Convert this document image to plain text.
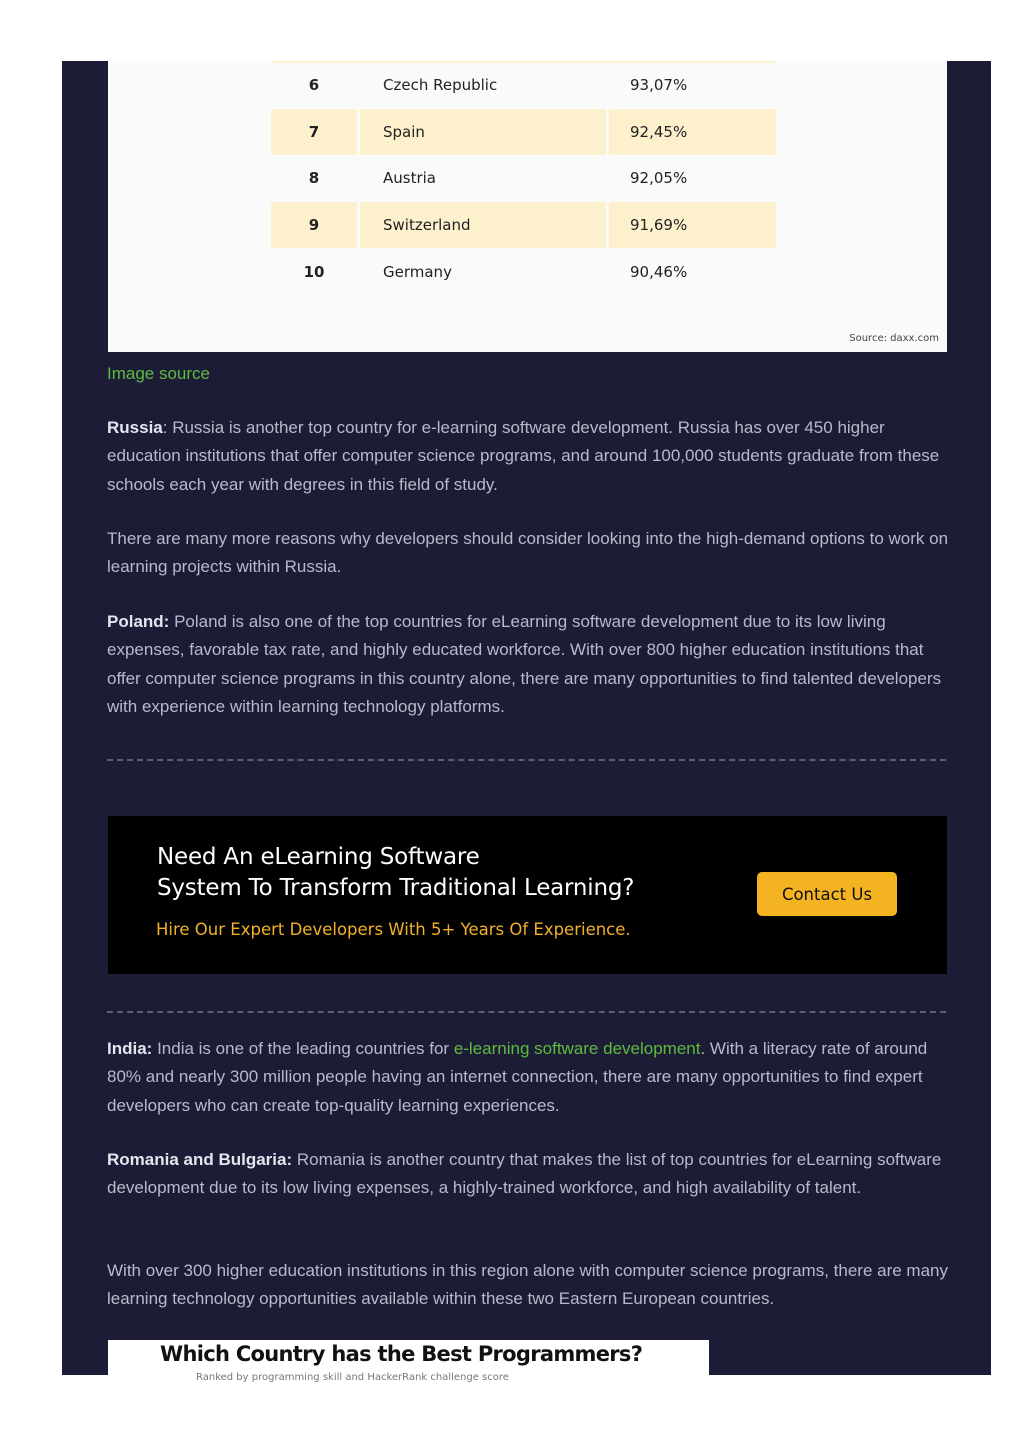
6	Czech Republic	93,07%
7	Spain	92,45%
8	Austria	92,05%
9	Switzerland	91,69%
10	Germany	90,46%
Source: daxx.com
Image source

Russia: Russia is another top country for e-learning software development. Russia has over 450 higher education institutions that offer computer science programs, and around 100,000 students graduate from these schools each year with degrees in this field of study.

There are many more reasons why developers should consider looking into the high-demand options to work on learning projects within Russia.

Poland: Poland is also one of the top countries for eLearning software development due to its low living expenses, favorable tax rate, and highly educated workforce. With over 800 higher education institutions that offer computer science programs in this country alone, there are many opportunities to find talented developers with experience within learning technology platforms.

Need An eLearning Software
System To Transform Traditional Learning?
Hire Our Expert Developers With 5+ Years Of Experience.
Contact Us

India: India is one of the leading countries for e-learning software development. With a literacy rate of around 80% and nearly 300 million people having an internet connection, there are many opportunities to find expert developers who can create top-quality learning experiences.

Romania and Bulgaria: Romania is another country that makes the list of top countries for eLearning software development due to its low living expenses, a highly-trained workforce, and high availability of talent.

With over 300 higher education institutions in this region alone with computer science programs, there are many learning technology opportunities available within these two Eastern European countries.

Which Country has the Best Programmers?
Ranked by programming skill and HackerRank challenge score
